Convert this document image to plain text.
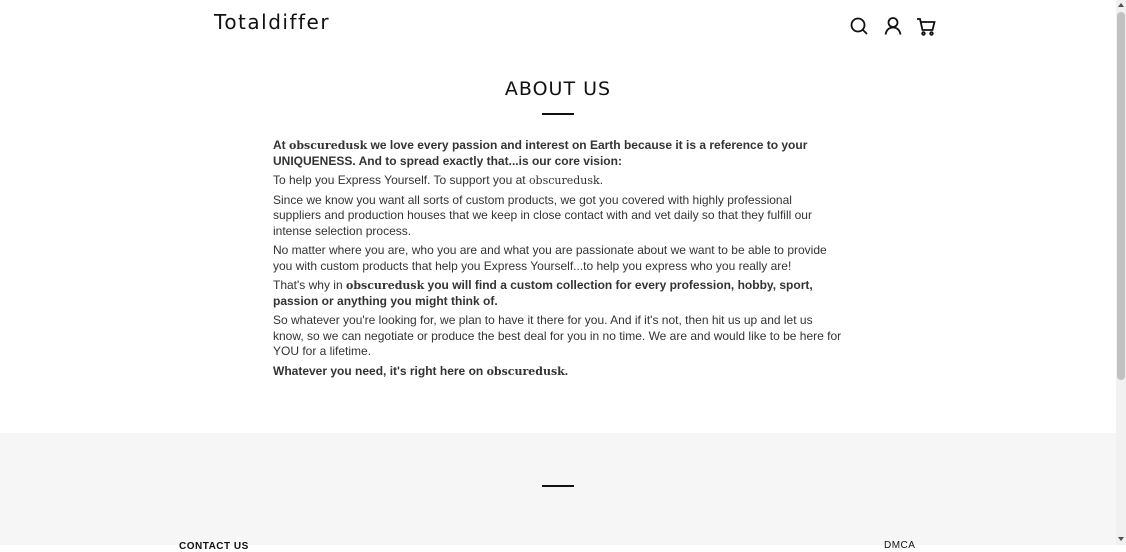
Totaldiffer
ABOUT US

At obscuredusk we love every passion and interest on Earth because it is a reference to your UNIQUENESS. And to spread exactly that...is our core vision:

To help you Express Yourself. To support you at obscuredusk.

Since we know you want all sorts of custom products, we got you covered with highly professional suppliers and production houses that we keep in close contact with and vet daily so that they fulfill our intense selection process.

No matter where you are, who you are and what you are passionate about we want to be able to provide you with custom products that help you Express Yourself...to help you express who you really are!

That's why in obscuredusk you will find a custom collection for every profession, hobby, sport, passion or anything you might think of.

So whatever you're looking for, we plan to have it there for you. And if it's not, then hit us up and let us know, so we can negotiate or produce the best deal for you in no time. We are and would like to be here for YOU for a lifetime.

Whatever you need, it's right here on obscuredusk.

CONTACT US	DMCA
